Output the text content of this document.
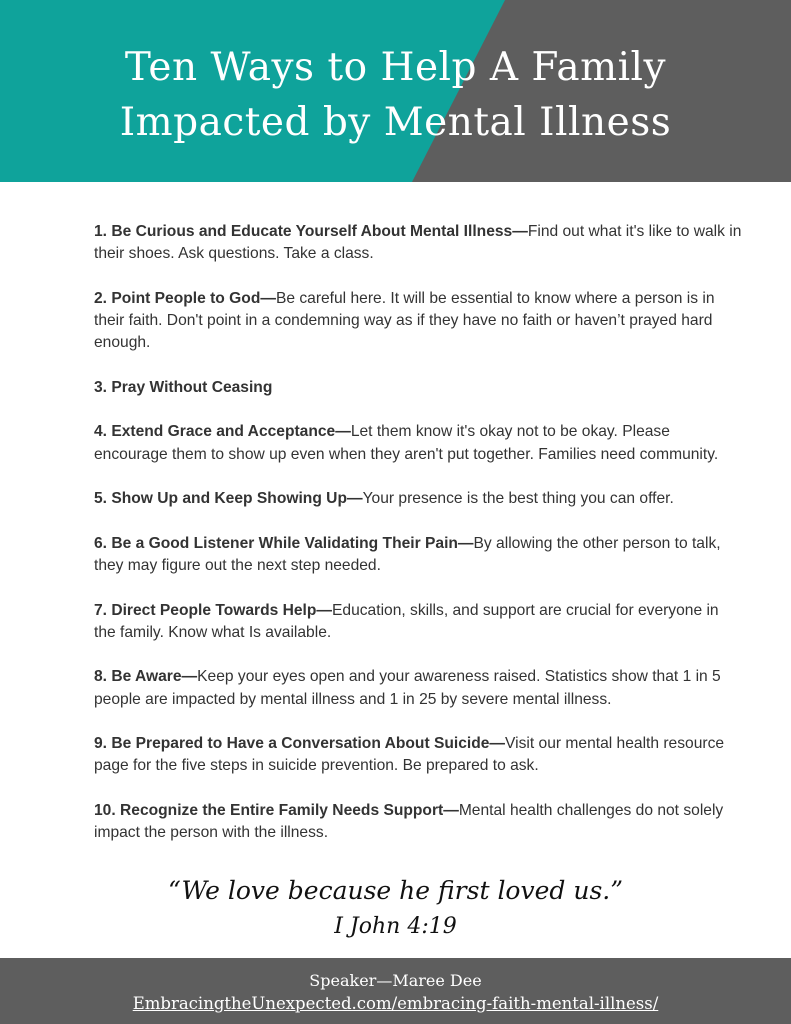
Ten Ways to Help A Family
Impacted by Mental Illness

1. Be Curious and Educate Yourself About Mental Illness—Find out what it's like to walk in their shoes. Ask questions. Take a class.

2. Point People to God—Be careful here. It will be essential to know where a person is in their faith. Don't point in a condemning way as if they have no faith or haven’t prayed hard enough.

3. Pray Without Ceasing

4. Extend Grace and Acceptance—Let them know it's okay not to be okay. Please encourage them to show up even when they aren't put together. Families need community.

5. Show Up and Keep Showing Up—Your presence is the best thing you can offer.

6. Be a Good Listener While Validating Their Pain—By allowing the other person to talk, they may figure out the next step needed.

7. Direct People Towards Help—Education, skills, and support are crucial for everyone in the family. Know what Is available.

8. Be Aware—Keep your eyes open and your awareness raised. Statistics show that 1 in 5 people are impacted by mental illness and 1 in 25 by severe mental illness.

9. Be Prepared to Have a Conversation About Suicide—Visit our mental health resource page for the five steps in suicide prevention. Be prepared to ask.

10. Recognize the Entire Family Needs Support—Mental health challenges do not solely impact the person with the illness.

“We love because he first loved us.”
I John 4:19
Speaker—Maree Dee
EmbracingtheUnexpected.com/embracing-faith-mental-illness/
